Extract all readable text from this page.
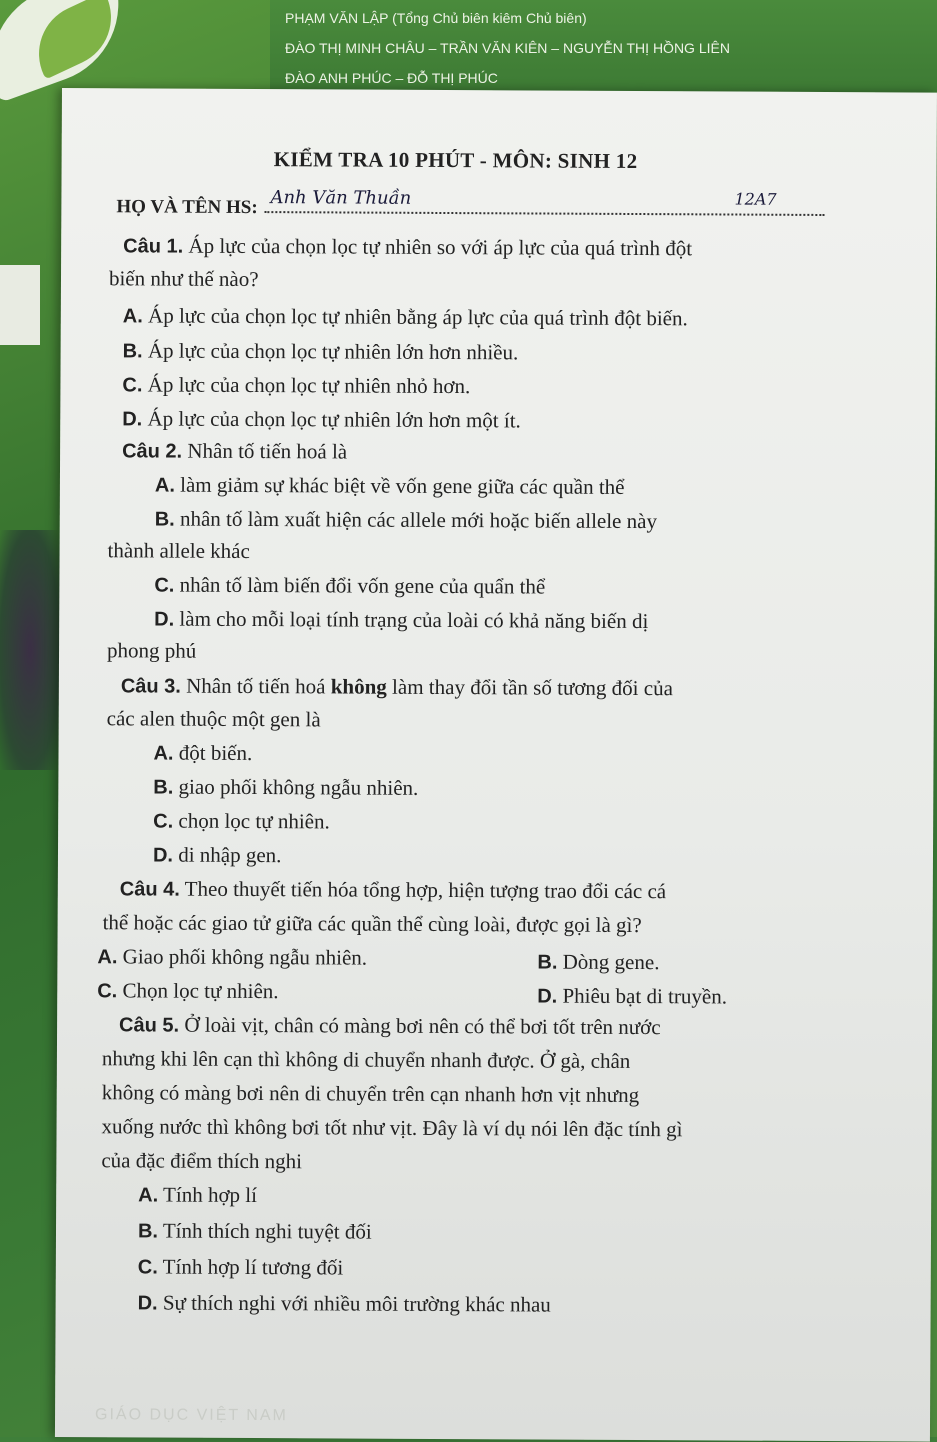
PHẠM VĂN LẬP (Tổng Chủ biên kiêm Chủ biên)
ĐÀO THỊ MINH CHÂU – TRẦN VĂN KIÊN – NGUYỄN THỊ HỒNG LIÊN
ĐÀO ANH PHÚC – ĐỖ THỊ PHÚC
KIỂM TRA 10 PHÚT - MÔN: SINH 12
HỌ VÀ TÊN HS: Anh Văn Thuần	12A7
Câu 1. Áp lực của chọn lọc tự nhiên so với áp lực của quá trình đột
biến như thế nào?
A. Áp lực của chọn lọc tự nhiên bằng áp lực của quá trình đột biến.
B. Áp lực của chọn lọc tự nhiên lớn hơn nhiều.
C. Áp lực của chọn lọc tự nhiên nhỏ hơn.
D. Áp lực của chọn lọc tự nhiên lớn hơn một ít.
Câu 2. Nhân tố tiến hoá là
A. làm giảm sự khác biệt về vốn gene giữa các quần thể
B. nhân tố làm xuất hiện các allele mới hoặc biến allele này
thành allele khác
C. nhân tố làm biến đổi vốn gene của quẩn thể
D. làm cho mỗi loại tính trạng của loài có khả năng biến dị
phong phú
Câu 3. Nhân tố tiến hoá không làm thay đổi tần số tương đối của
các alen thuộc một gen là
A. đột biến.
B. giao phối không ngẫu nhiên.
C. chọn lọc tự nhiên.
D. di nhập gen.
Câu 4. Theo thuyết tiến hóa tổng hợp, hiện tượng trao đổi các cá
thể hoặc các giao tử giữa các quần thể cùng loài, được gọi là gì?
A. Giao phối không ngẫu nhiên.	B. Dòng gene.
C. Chọn lọc tự nhiên.	D. Phiêu bạt di truyền.
Câu 5. Ở loài vịt, chân có màng bơi nên có thể bơi tốt trên nước
nhưng khi lên cạn thì không di chuyển nhanh được. Ở gà, chân
không có màng bơi nên di chuyển trên cạn nhanh hơn vịt nhưng
xuống nước thì không bơi tốt như vịt. Đây là ví dụ nói lên đặc tính gì
của đặc điểm thích nghi
A. Tính hợp lí
B. Tính thích nghi tuyệt đối
C. Tính hợp lí tương đối
D. Sự thích nghi với nhiều môi trường khác nhau
GIÁO DỤC VIỆT NAM
